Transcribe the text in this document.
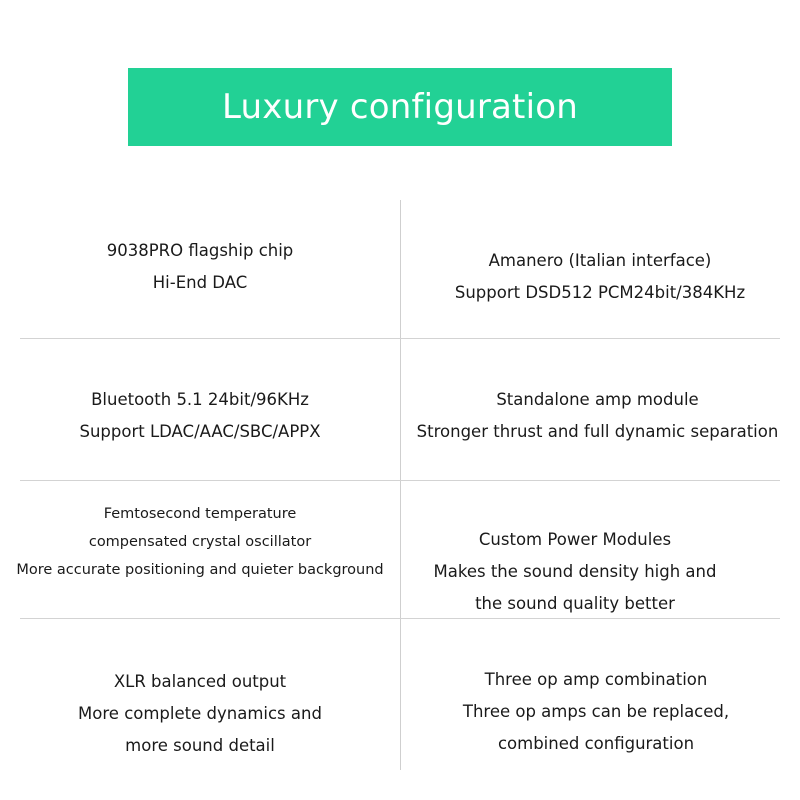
Luxury configuration
9038PRO flagship chip
Hi-End DAC
Amanero (Italian interface)
Support DSD512 PCM24bit/384KHz
Bluetooth 5.1 24bit/96KHz
Support LDAC/AAC/SBC/APPX
Standalone amp module
Stronger thrust and full dynamic separation
Femtosecond temperature
compensated crystal oscillator
More accurate positioning and quieter background
Custom Power Modules
Makes the sound density high and
the sound quality better
XLR balanced output
More complete dynamics and
more sound detail
Three op amp combination
Three op amps can be replaced,
combined configuration
